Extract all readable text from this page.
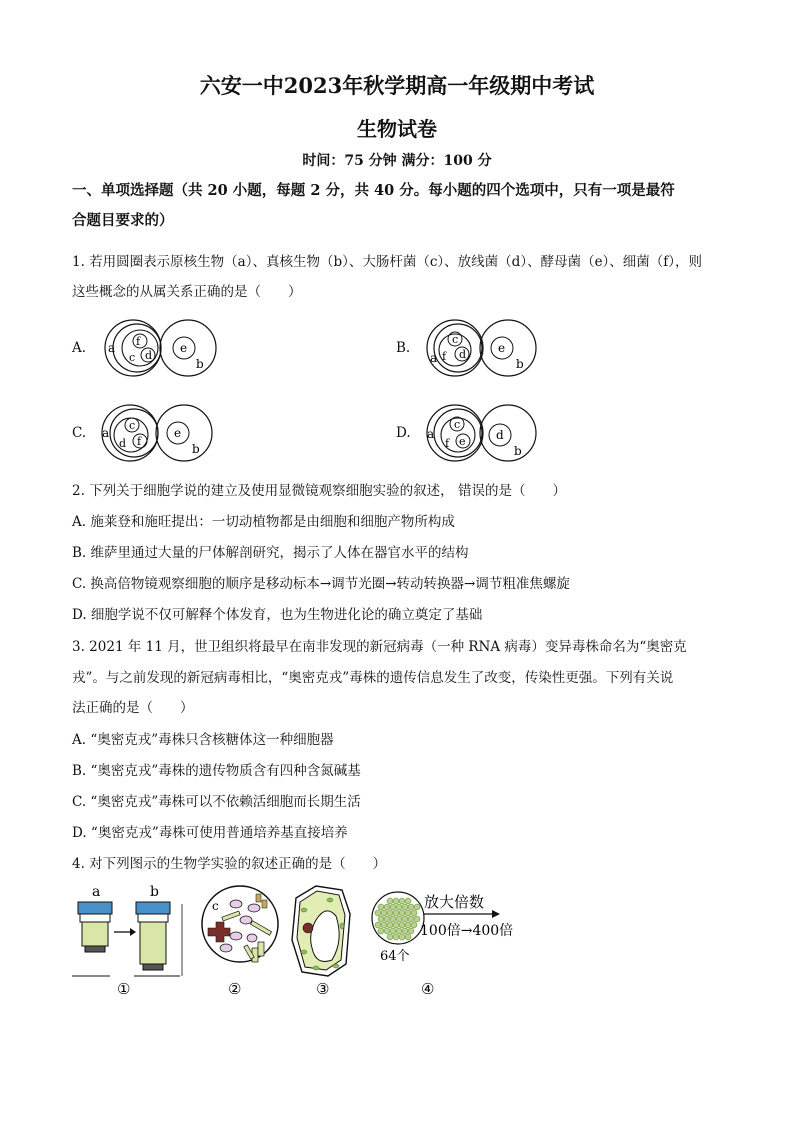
六安一中2023年秋学期高一年级期中考试
生物试卷
时间：75 分钟 满分：100 分
一、单项选择题（共 20 小题，每题 2 分，共 40 分。每小题的四个选项中，只有一项是最符
合题目要求的）
1. 若用圆圈表示原核生物（a）、真核生物（b）、大肠杆菌（c）、放线菌（d）、酵母菌（e）、细菌（f），则
这些概念的从属关系正确的是（　　）
A. a f
c d
e
b
B.
c
a f d	e
b
C. a
c
d f
e
b
D.
c
a
f e	d
b
2. 下列关于细胞学说的建立及使用显微镜观察细胞实验的叙述， 错误的是（　　）
A. 施莱登和施旺提出：一切动植物都是由细胞和细胞产物所构成
B. 维萨里通过大量的尸体解剖研究，揭示了人体在器官水平的结构
C. 换高倍物镜观察细胞的顺序是移动标本→调节光圈→转动转换器→调节粗准焦螺旋
D. 细胞学说不仅可解释个体发育，也为生物进化论的确立奠定了基础
3. 2021 年 11 月，世卫组织将最早在南非发现的新冠病毒（一种 RNA 病毒）变异毒株命名为“奥密克
戎”。与之前发现的新冠病毒相比，“奥密克戎”毒株的遗传信息发生了改变，传染性更强。下列有关说
法正确的是（　　）
A. “奥密克戎”毒株只含核糖体这一种细胞器
B. “奥密克戎”毒株的遗传物质含有四种含氮碱基
C. “奥密克戎”毒株可以不依赖活细胞而长期生活
D. “奥密克戎”毒株可使用普通培养基直接培养
4. 对下列图示的生物学实验的叙述正确的是（　　）
a	b
①
c
②	③
64个
放大倍数
100倍→400倍
④
